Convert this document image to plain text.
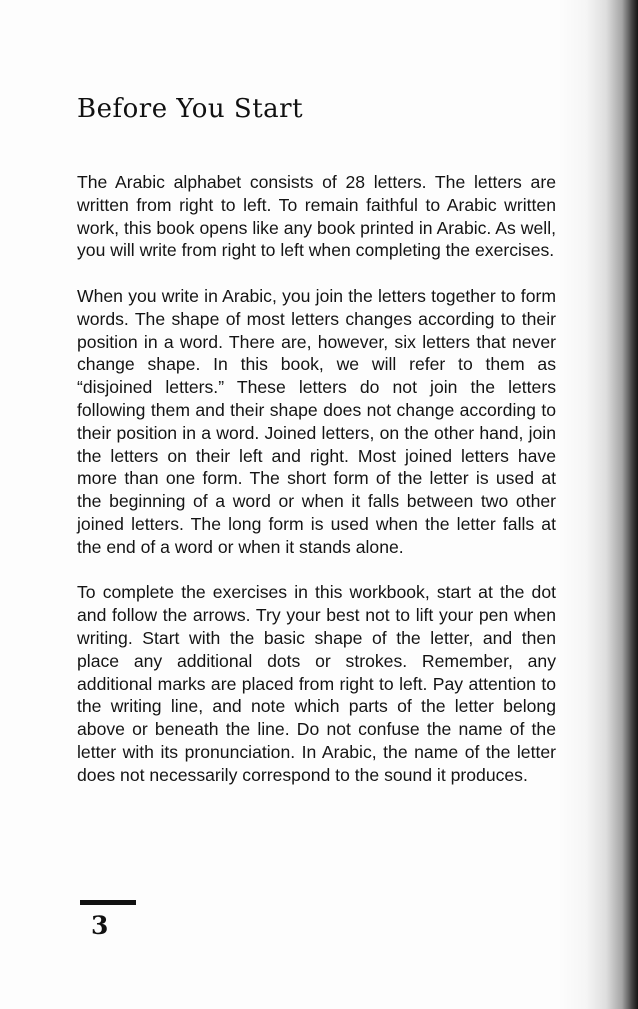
Before You Start

The Arabic alphabet consists of 28 letters. The letters are written from right to left. To remain faithful to Arabic written work, this book opens like any book printed in Arabic. As well, you will write from right to left when completing the exercises.

When you write in Arabic, you join the letters together to form words. The shape of most letters changes according to their position in a word. There are, however, six letters that never change shape. In this book, we will refer to them as “disjoined letters.” These letters do not join the letters following them and their shape does not change according to their position in a word. Joined letters, on the other hand, join the letters on their left and right. Most joined letters have more than one form. The short form of the letter is used at the beginning of a word or when it falls between two other joined letters. The long form is used when the letter falls at the end of a word or when it stands alone.

To complete the exercises in this workbook, start at the dot and follow the arrows. Try your best not to lift your pen when writing. Start with the basic shape of the letter, and then place any additional dots or strokes. Remember, any additional marks are placed from right to left. Pay attention to the writing line, and note which parts of the letter belong above or beneath the line. Do not confuse the name of the letter with its pronunciation. In Arabic, the name of the letter does not necessarily correspond to the sound it produces.

3
